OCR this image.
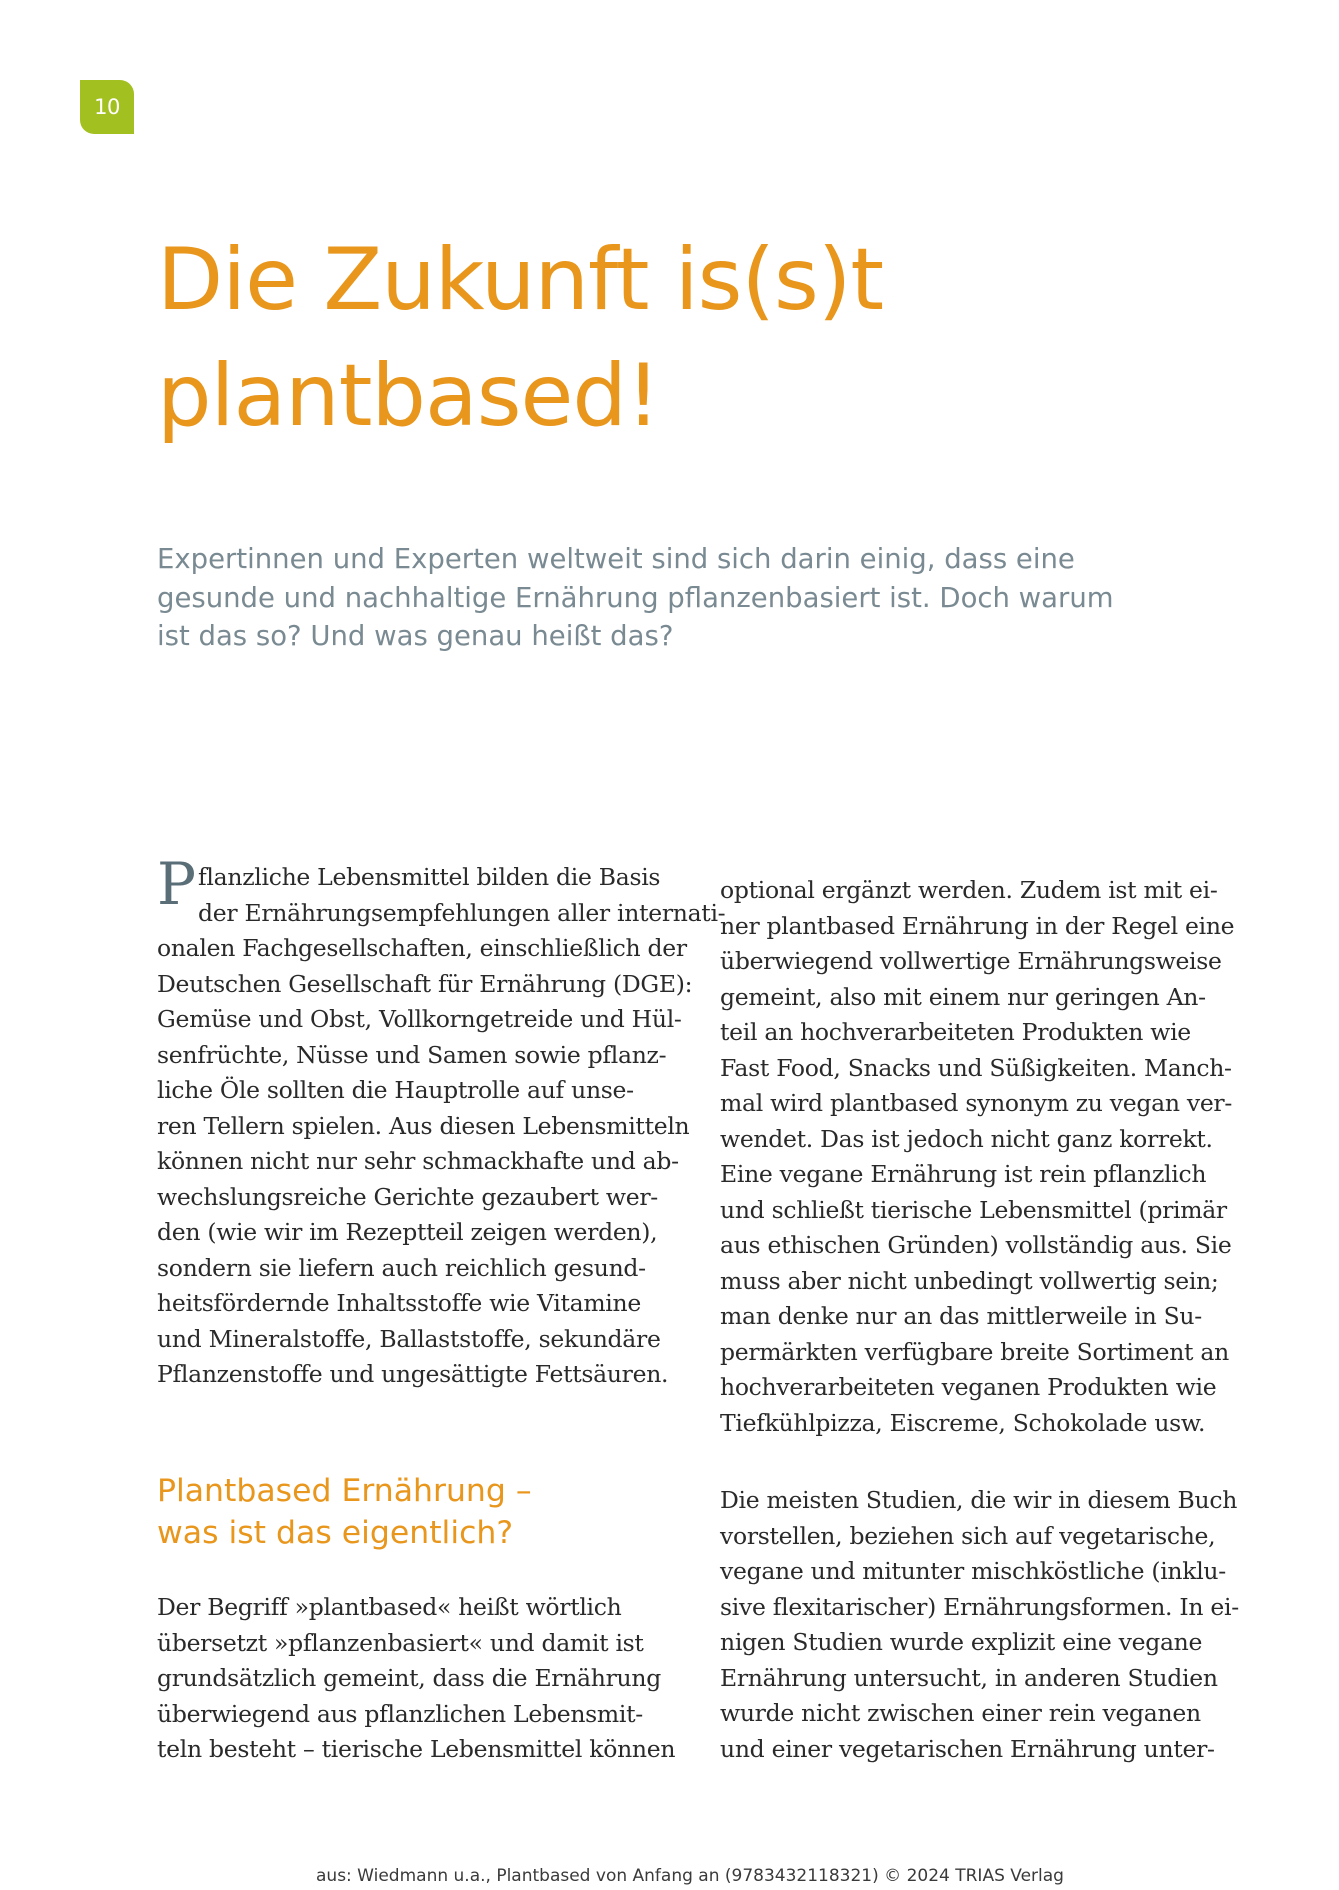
10
Die Zukunft is(s)t
plantbased!

Expertinnen und Experten weltweit sind sich darin einig, dass eine
gesunde und nachhaltige Ernährung pflanzenbasiert ist. Doch warum
ist das so? Und was genau heißt das?

P flanzliche Lebensmittel bilden die Basis
der Ernährungsempfehlungen aller internati-
onalen Fachgesellschaften, einschließlich der
Deutschen Gesellschaft für Ernährung (DGE):
Gemüse und Obst, Vollkorngetreide und Hül-
senfrüchte, Nüsse und Samen sowie pflanz-
liche Öle sollten die Hauptrolle auf unse-
ren Tellern spielen. Aus diesen Lebensmitteln
können nicht nur sehr schmackhafte und ab-
wechslungsreiche Gerichte gezaubert wer-
den (wie wir im Rezeptteil zeigen werden),
sondern sie liefern auch reichlich gesund-
heitsfördernde Inhaltsstoffe wie Vitamine
und Mineralstoffe, Ballaststoffe, sekundäre
Pflanzenstoffe und ungesättigte Fettsäuren.
Plantbased Ernährung –
was ist das eigentlich?
Der Begriff »plantbased« heißt wörtlich
übersetzt »pflanzenbasiert« und damit ist
grundsätzlich gemeint, dass die Ernährung
überwiegend aus pflanzlichen Lebensmit-
teln besteht – tierische Lebensmittel können
optional ergänzt werden. Zudem ist mit ei-
ner plantbased Ernährung in der Regel eine
überwiegend vollwertige Ernährungsweise
gemeint, also mit einem nur geringen An-
teil an hochverarbeiteten Produkten wie
Fast Food, Snacks und Süßigkeiten. Manch-
mal wird plantbased synonym zu vegan ver-
wendet. Das ist jedoch nicht ganz korrekt.
Eine vegane Ernährung ist rein pflanzlich
und schließt tierische Lebensmittel (primär
aus ethischen Gründen) vollständig aus. Sie
muss aber nicht unbedingt vollwertig sein;
man denke nur an das mittlerweile in Su-
permärkten verfügbare breite Sortiment an
hochverarbeiteten veganen Produkten wie
Tiefkühlpizza, Eiscreme, Schokolade usw.
Die meisten Studien, die wir in diesem Buch
vorstellen, beziehen sich auf vegetarische,
vegane und mitunter mischköstliche (inklu-
sive flexitarischer) Ernährungsformen. In ei-
nigen Studien wurde explizit eine vegane
Ernährung untersucht, in anderen Studien
wurde nicht zwischen einer rein veganen
und einer vegetarischen Ernährung unter-
aus: Wiedmann u.a., Plantbased von Anfang an (9783432118321) © 2024 TRIAS Verlag
